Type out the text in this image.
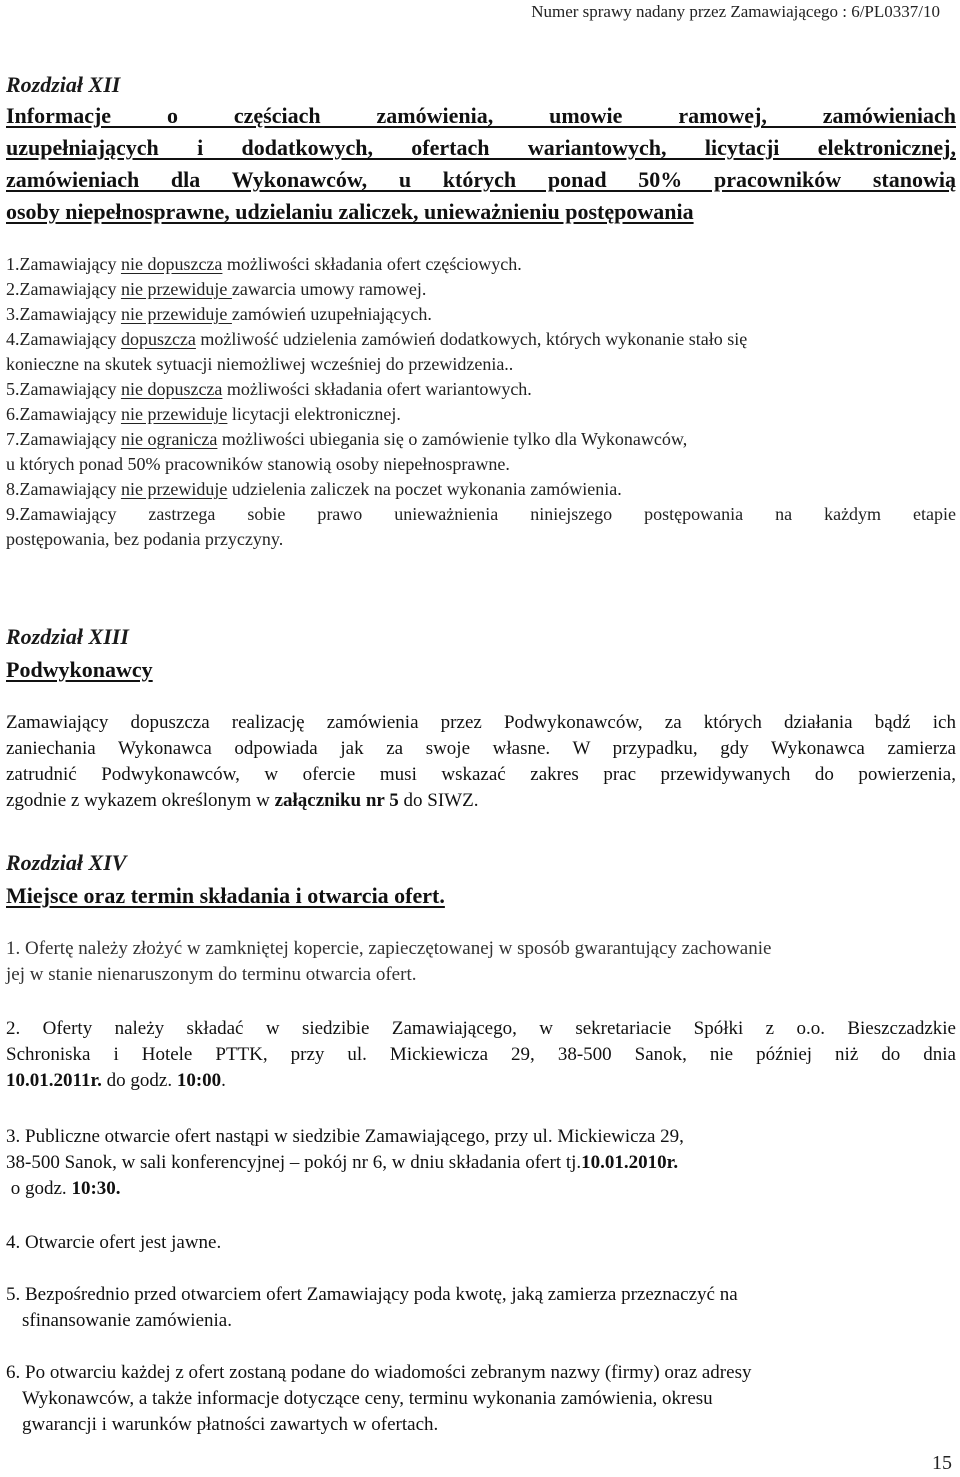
Numer sprawy nadany przez Zamawiającego : 6/PL0337/10
Rozdział XII
Informacje o częściach zamówienia, umowie ramowej, zamówieniach
uzupełniających i dodatkowych, ofertach wariantowych, licytacji elektronicznej,
zamówieniach dla Wykonawców, u których ponad 50% pracowników stanowią
osoby niepełnosprawne, udzielaniu zaliczek, unieważnieniu postępowania
1.Zamawiający nie dopuszcza możliwości składania ofert częściowych.
2.Zamawiający nie przewiduje zawarcia umowy ramowej.
3.Zamawiający nie przewiduje zamówień uzupełniających.
4.Zamawiający dopuszcza możliwość udzielenia zamówień dodatkowych, których wykonanie stało się
konieczne na skutek sytuacji niemożliwej wcześniej do przewidzenia..
5.Zamawiający nie dopuszcza możliwości składania ofert wariantowych.
6.Zamawiający nie przewiduje licytacji elektronicznej.
7.Zamawiający nie ogranicza możliwości ubiegania się o zamówienie tylko dla Wykonawców,
u których ponad 50% pracowników stanowią osoby niepełnosprawne.
8.Zamawiający nie przewiduje udzielenia zaliczek na poczet wykonania zamówienia.
9.Zamawiający zastrzega sobie prawo unieważnienia niniejszego postępowania na każdym etapie
postępowania, bez podania przyczyny.
Rozdział XIII
Podwykonawcy
Zamawiający dopuszcza realizację zamówienia przez Podwykonawców, za których działania bądź ich
zaniechania Wykonawca odpowiada jak za swoje własne. W przypadku, gdy Wykonawca zamierza
zatrudnić Podwykonawców, w ofercie musi wskazać zakres prac przewidywanych do powierzenia,
zgodnie z wykazem określonym w załączniku nr 5 do SIWZ.
Rozdział XIV
Miejsce oraz termin składania i otwarcia ofert.
1. Ofertę należy złożyć w zamkniętej kopercie, zapieczętowanej w sposób gwarantujący zachowanie
jej w stanie nienaruszonym do terminu otwarcia ofert.
2. Oferty należy składać w siedzibie Zamawiającego, w sekretariacie Spółki z o.o. Bieszczadzkie
Schroniska i Hotele PTTK, przy ul. Mickiewicza 29, 38-500 Sanok, nie później niż do dnia
10.01.2011r. do godz. 10:00.
3. Publiczne otwarcie ofert nastąpi w siedzibie Zamawiającego, przy ul. Mickiewicza 29,
38-500 Sanok, w sali konferencyjnej – pokój nr 6, w dniu składania ofert tj.10.01.2010r.
o godz. 10:30.
4. Otwarcie ofert jest jawne.
5. Bezpośrednio przed otwarciem ofert Zamawiający poda kwotę, jaką zamierza przeznaczyć na
sfinansowanie zamówienia.
6. Po otwarciu każdej z ofert zostaną podane do wiadomości zebranym nazwy (firmy) oraz adresy
Wykonawców, a także informacje dotyczące ceny, terminu wykonania zamówienia, okresu
gwarancji i warunków płatności zawartych w ofertach.
15
